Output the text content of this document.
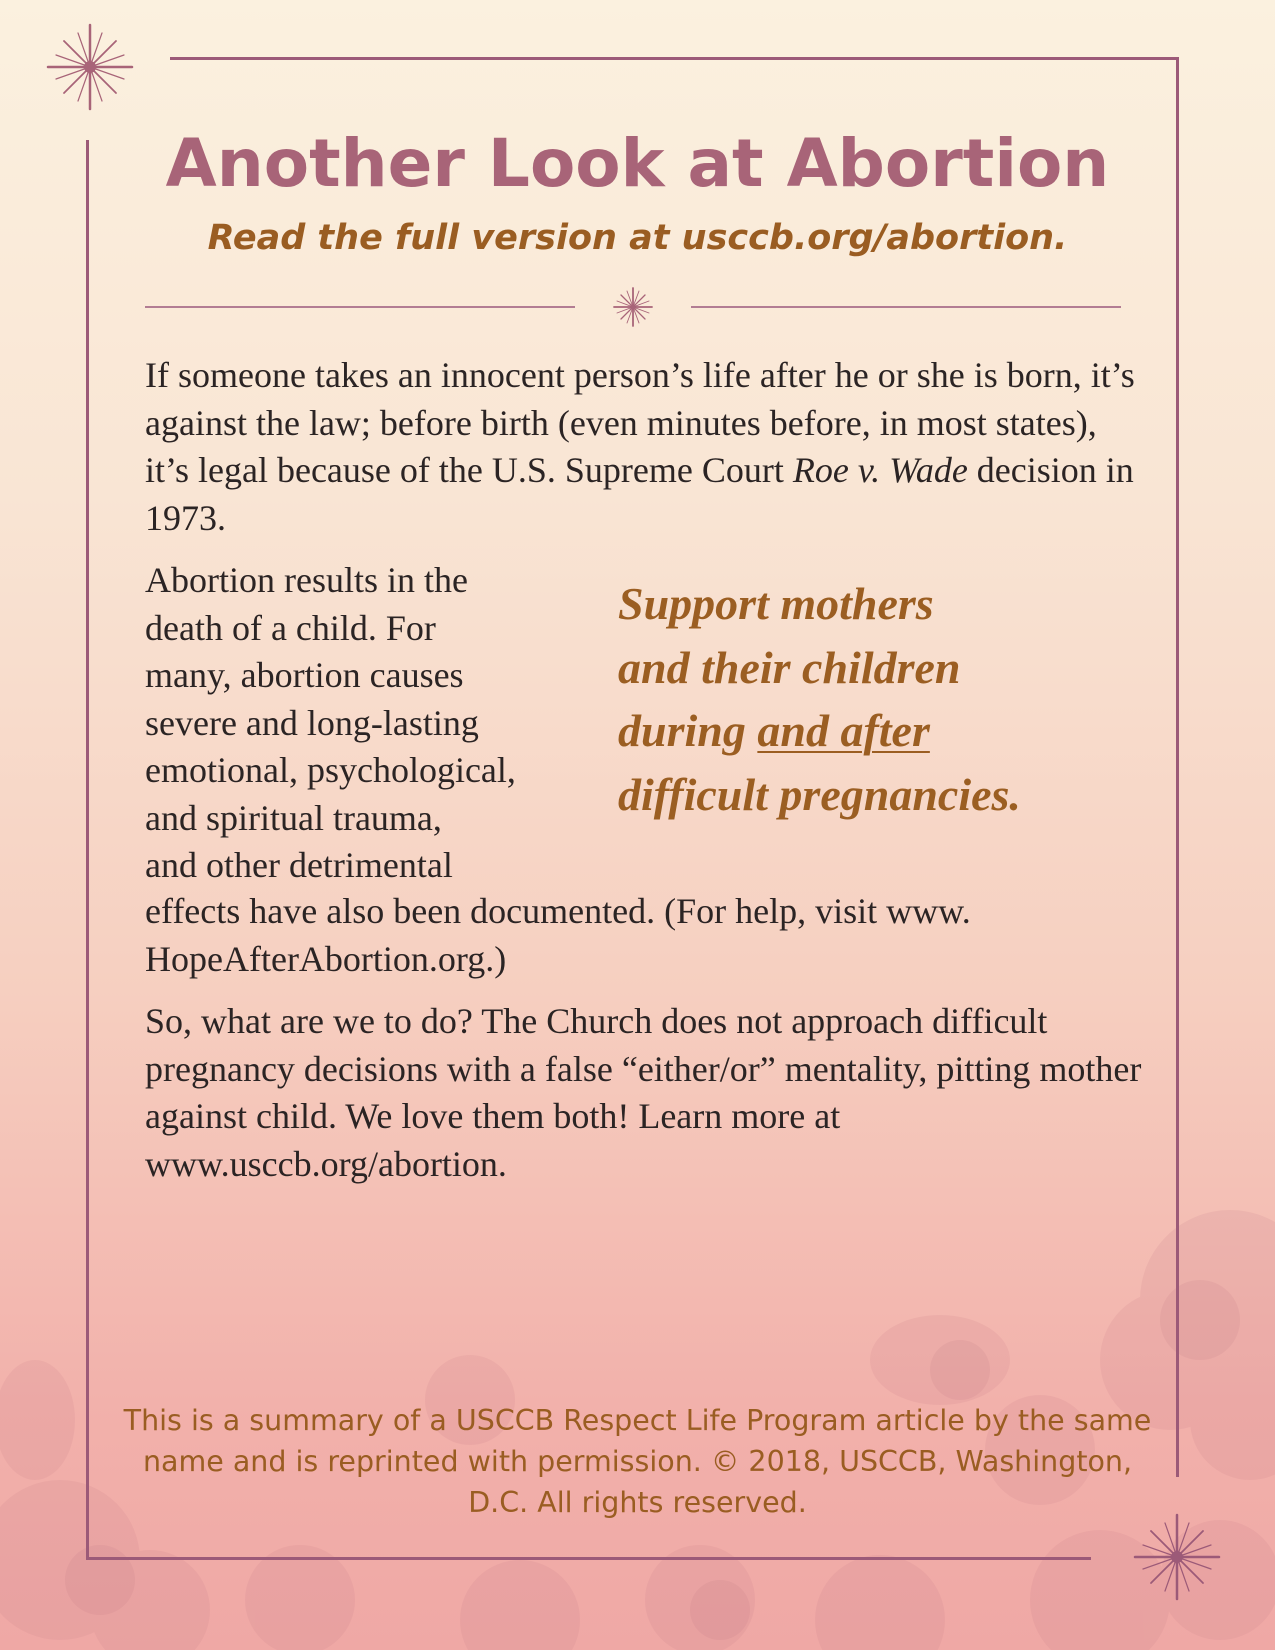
Another Look at Abortion

Read the full version at usccb.org/abortion.

If someone takes an innocent person’s life after he or she is born, it’s against the law; before birth (even minutes before, in most states), it’s legal because of the U.S. Supreme Court Roe v. Wade decision in 1973.

Abortion results in the
death of a child. For
many, abortion causes
severe and long-lasting
emotional, psychological,
and spiritual trauma,
and other detrimental

effects have also been documented. (For help, visit www. HopeAfterAbortion.org.)

Support mothers
and their children
during and after
difficult pregnancies.

So, what are we to do? The Church does not approach difficult pregnancy decisions with a false “either/or” mentality, pitting mother against child. We love them both! Learn more at www.usccb.org/abortion.

This is a summary of a USCCB Respect Life Program article by the same name and is reprinted with permission. © 2018, USCCB, Washington, D.C. All rights reserved.
